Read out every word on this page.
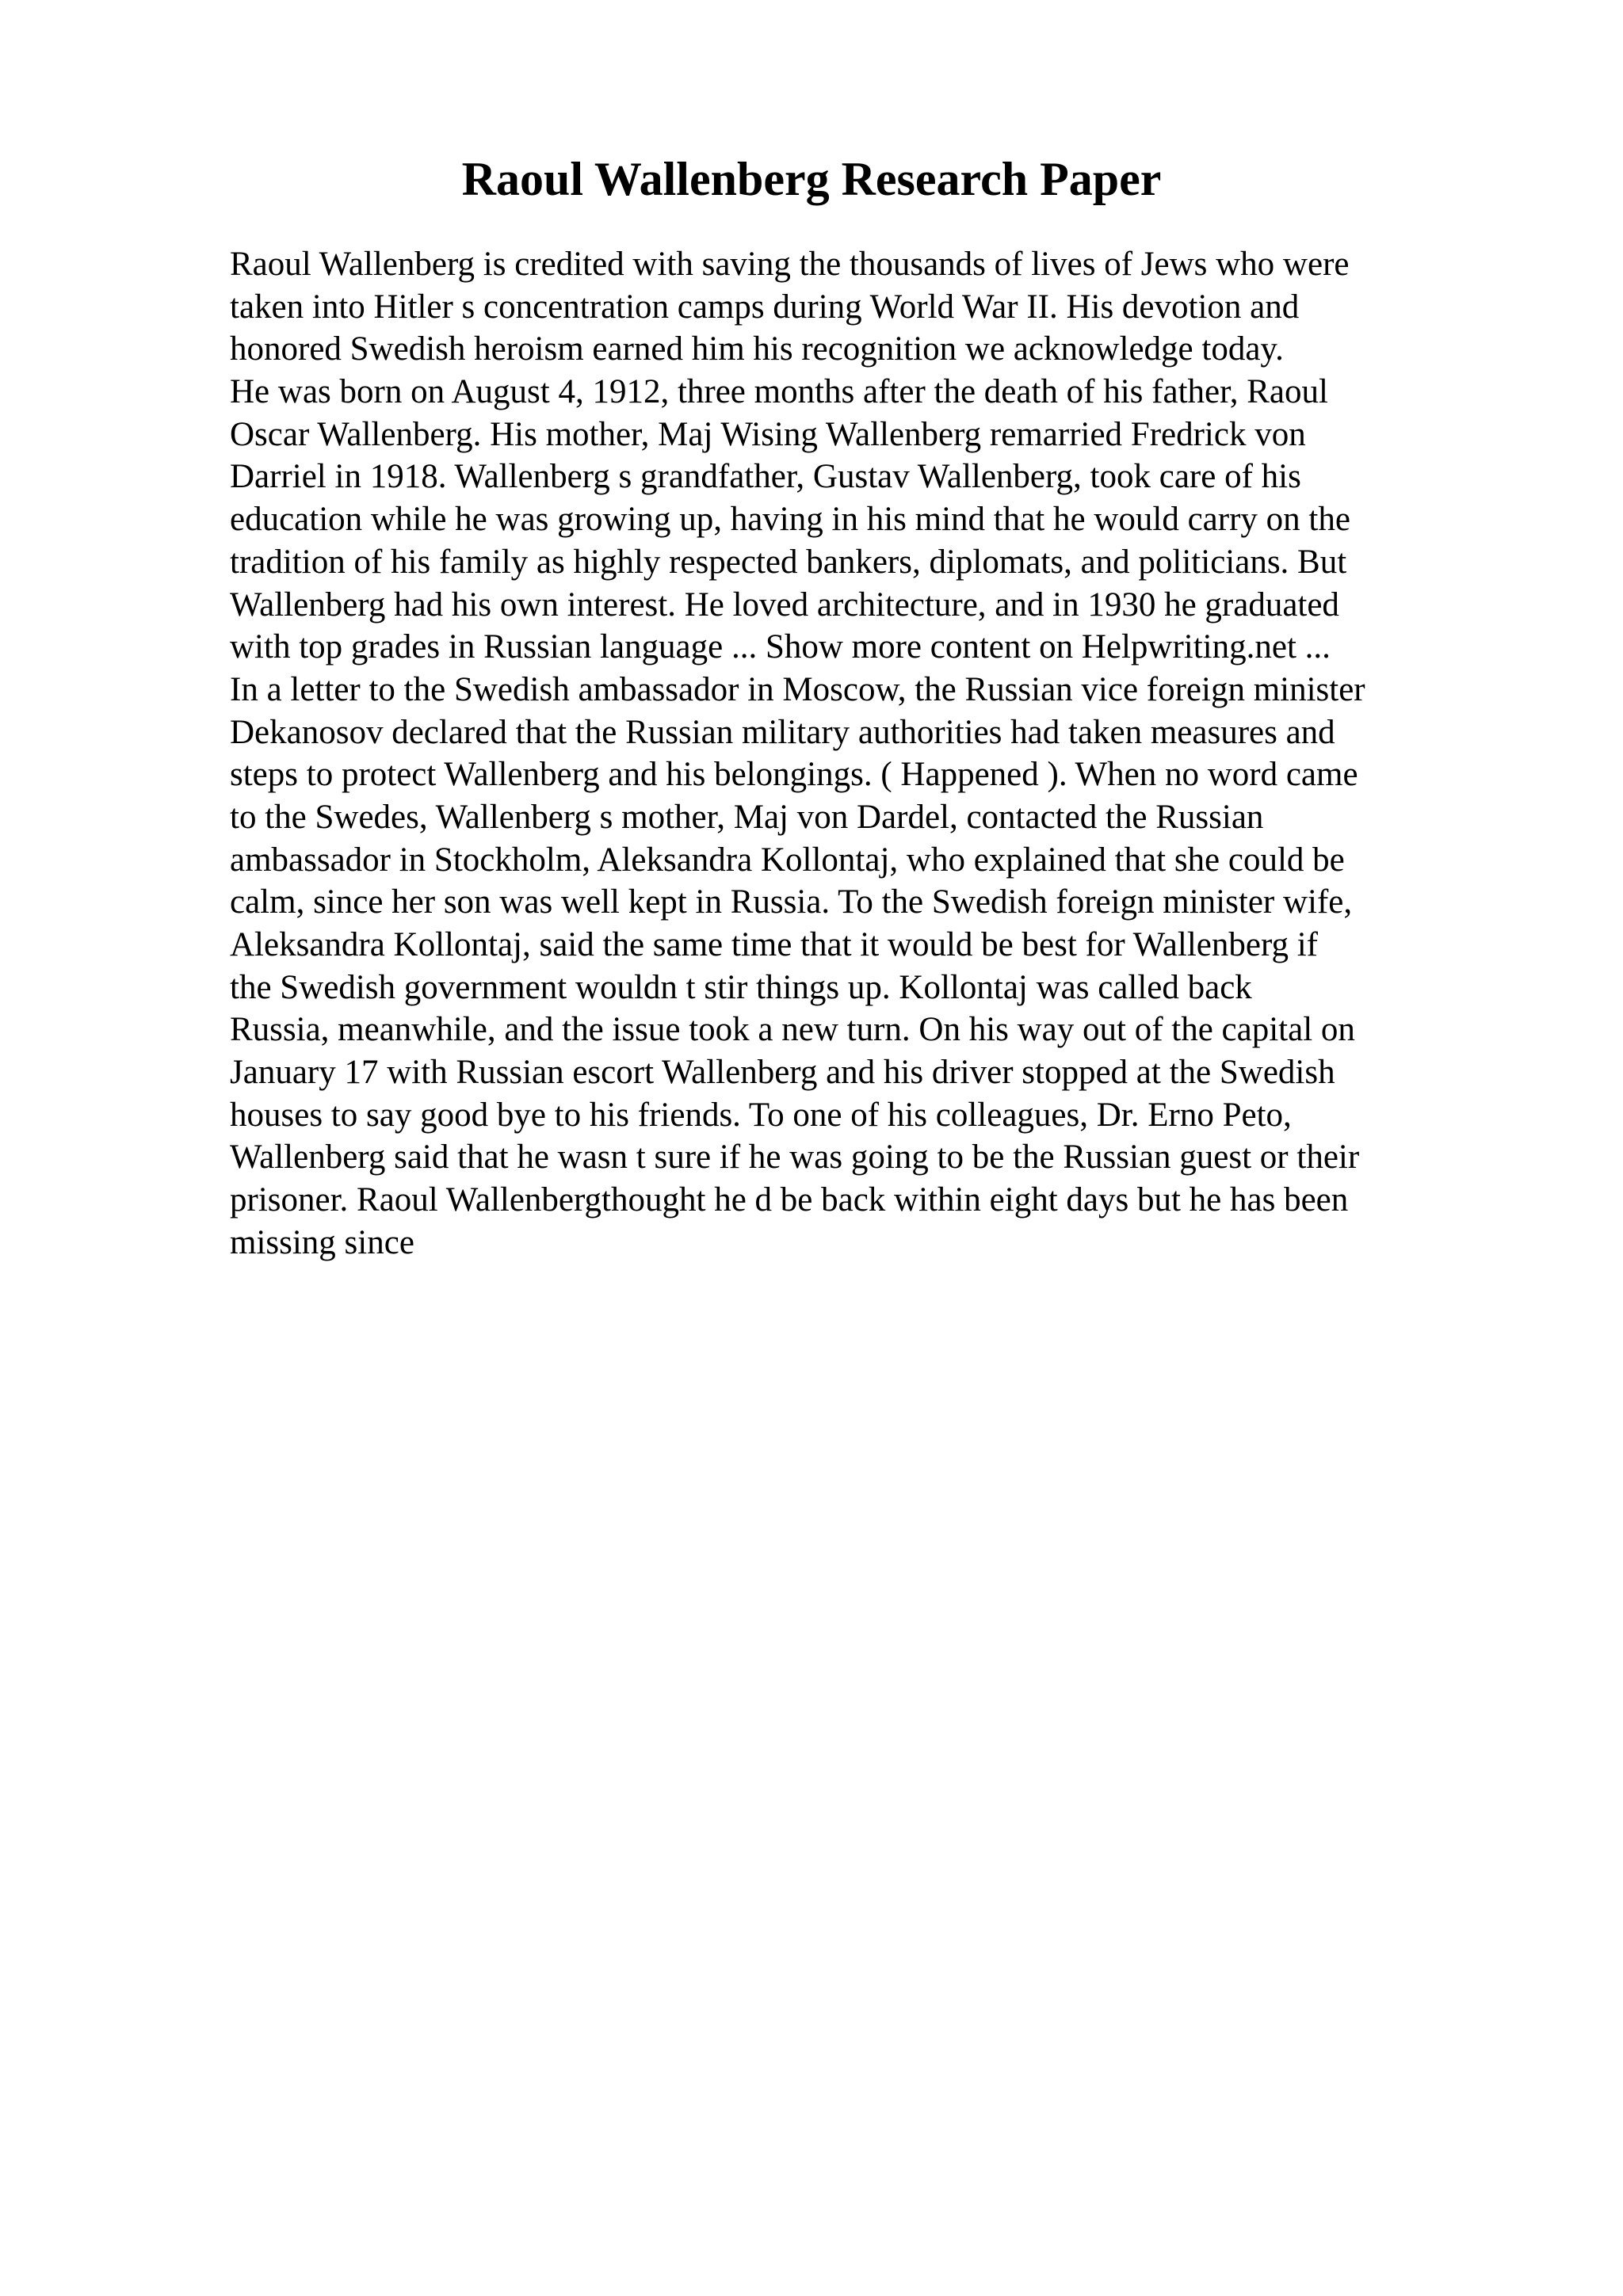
Raoul Wallenberg Research Paper
Raoul Wallenberg is credited with saving the thousands of lives of Jews who were
taken into Hitler s concentration camps during World War II. His devotion and
honored Swedish heroism earned him his recognition we acknowledge today.
He was born on August 4, 1912, three months after the death of his father, Raoul
Oscar Wallenberg. His mother, Maj Wising Wallenberg remarried Fredrick von
Darriel in 1918. Wallenberg s grandfather, Gustav Wallenberg, took care of his
education while he was growing up, having in his mind that he would carry on the
tradition of his family as highly respected bankers, diplomats, and politicians. But
Wallenberg had his own interest. He loved architecture, and in 1930 he graduated
with top grades in Russian language ... Show more content on Helpwriting.net ...
In a letter to the Swedish ambassador in Moscow, the Russian vice foreign minister
Dekanosov declared that the Russian military authorities had taken measures and
steps to protect Wallenberg and his belongings. ( Happened ). When no word came
to the Swedes, Wallenberg s mother, Maj von Dardel, contacted the Russian
ambassador in Stockholm, Aleksandra Kollontaj, who explained that she could be
calm, since her son was well kept in Russia. To the Swedish foreign minister wife,
Aleksandra Kollontaj, said the same time that it would be best for Wallenberg if
the Swedish government wouldn t stir things up. Kollontaj was called back
Russia, meanwhile, and the issue took a new turn. On his way out of the capital on
January 17 with Russian escort Wallenberg and his driver stopped at the Swedish
houses to say good bye to his friends. To one of his colleagues, Dr. Erno Peto,
Wallenberg said that he wasn t sure if he was going to be the Russian guest or their
prisoner. Raoul Wallenbergthought he d be back within eight days but he has been
missing since
